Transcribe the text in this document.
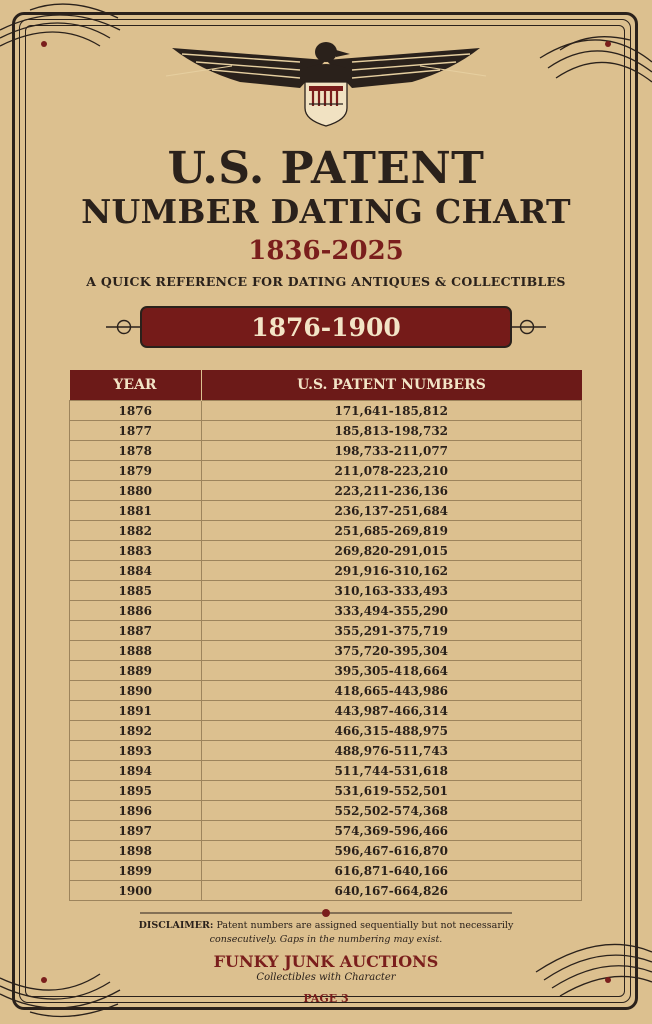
U.S. PATENT
NUMBER DATING CHART
1836-2025
A QUICK REFERENCE FOR DATING ANTIQUES & COLLECTIBLES
1876-1900
YEAR	U.S. PATENT NUMBERS
1876	171,641-185,812
1877	185,813-198,732
1878	198,733-211,077
1879	211,078-223,210
1880	223,211-236,136
1881	236,137-251,684
1882	251,685-269,819
1883	269,820-291,015
1884	291,916-310,162
1885	310,163-333,493
1886	333,494-355,290
1887	355,291-375,719
1888	375,720-395,304
1889	395,305-418,664
1890	418,665-443,986
1891	443,987-466,314
1892	466,315-488,975
1893	488,976-511,743
1894	511,744-531,618
1895	531,619-552,501
1896	552,502-574,368
1897	574,369-596,466
1898	596,467-616,870
1899	616,871-640,166
1900	640,167-664,826
DISCLAIMER: Patent numbers are assigned sequentially but not necessarily
consecutively. Gaps in the numbering may exist.
FUNKY JUNK AUCTIONS
Collectibles with Character
PAGE 3
